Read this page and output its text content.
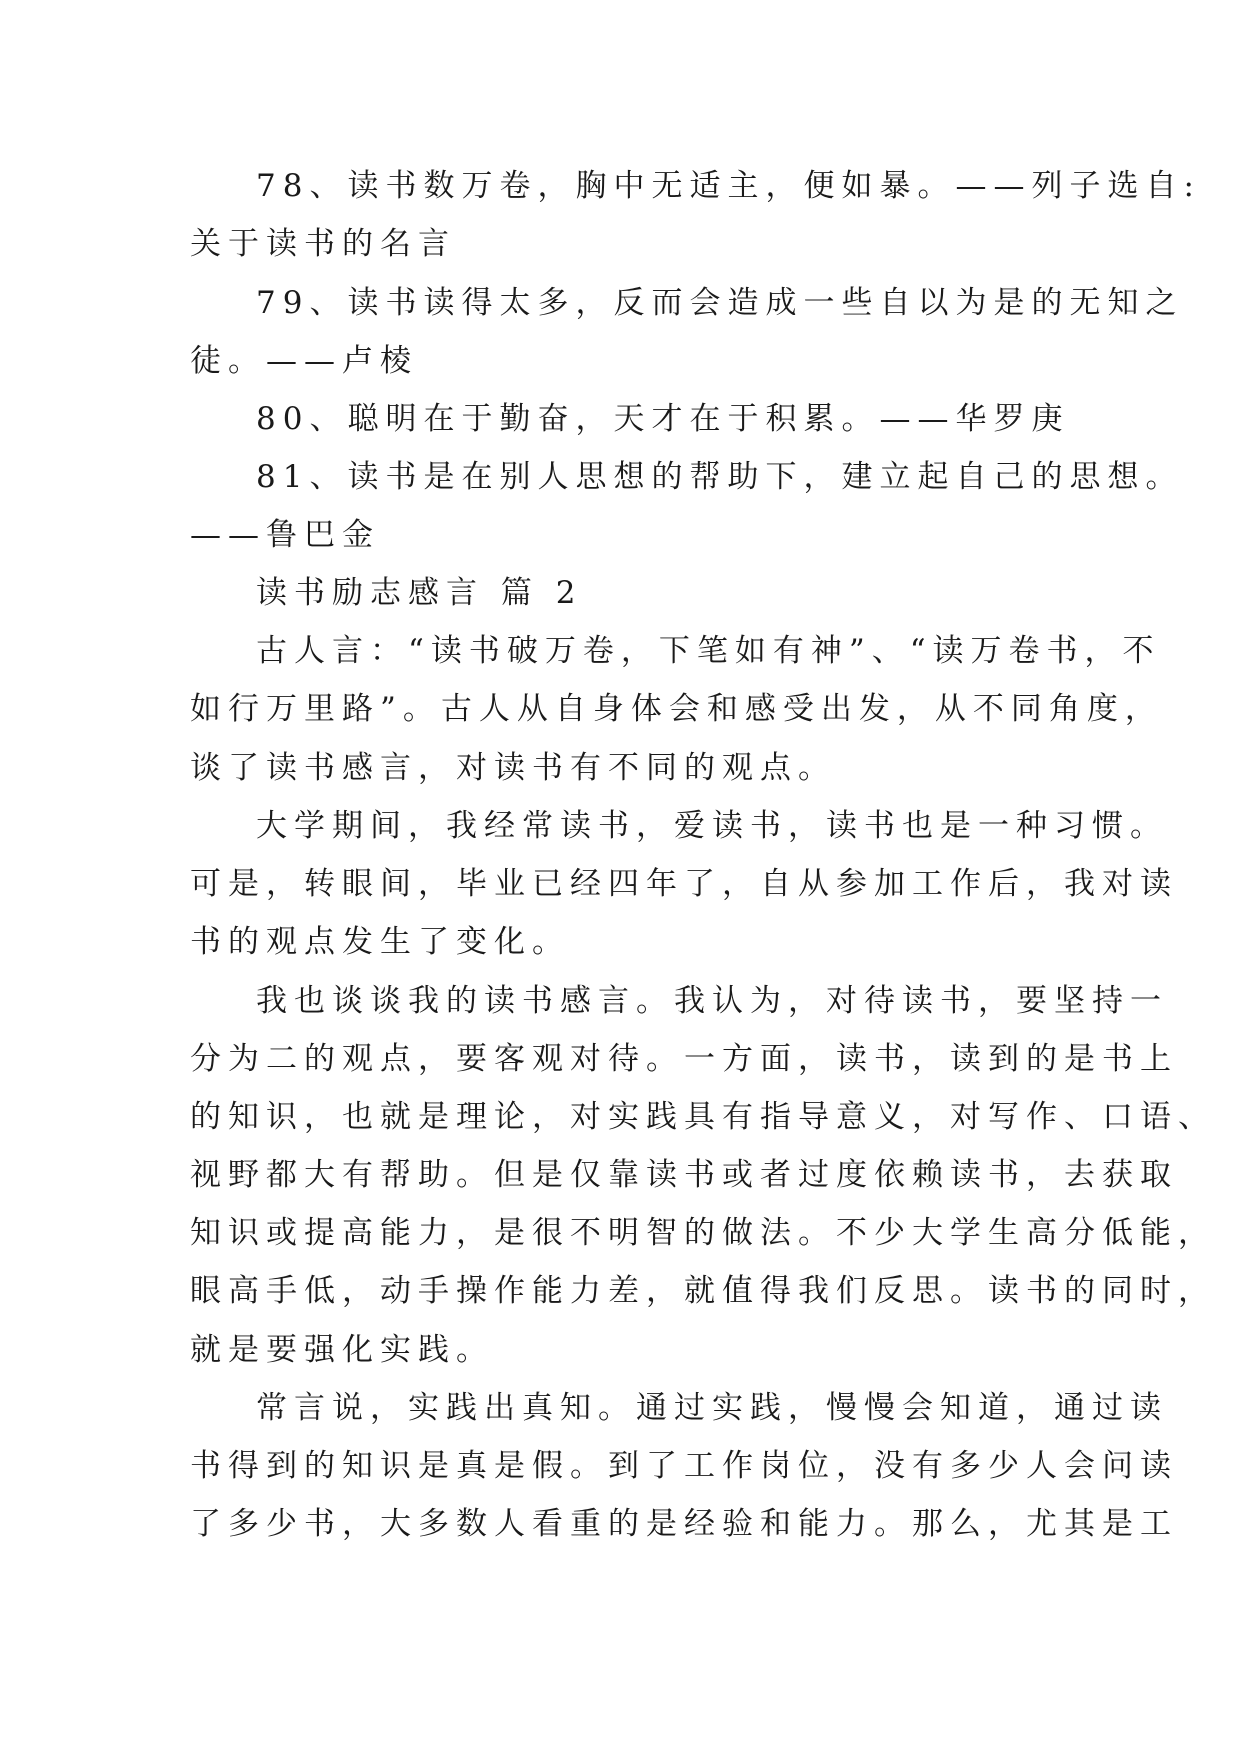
78、读书数万卷，胸中无适主，便如暴。——列子选自:
关于读书的名言
79、读书读得太多，反而会造成一些自以为是的无知之
徒。——卢棱
80、聪明在于勤奋，天才在于积累。——华罗庚
81、读书是在别人思想的帮助下，建立起自己的思想。
——鲁巴金
读书励志感言 篇 2
古人言：“读书破万卷，下笔如有神”、“读万卷书，不
如行万里路”。古人从自身体会和感受出发，从不同角度，
谈了读书感言，对读书有不同的观点。
大学期间，我经常读书，爱读书，读书也是一种习惯。
可是，转眼间，毕业已经四年了，自从参加工作后，我对读
书的观点发生了变化。
我也谈谈我的读书感言。我认为，对待读书，要坚持一
分为二的观点，要客观对待。一方面，读书，读到的是书上
的知识，也就是理论，对实践具有指导意义，对写作、口语、
视野都大有帮助。但是仅靠读书或者过度依赖读书，去获取
知识或提高能力，是很不明智的做法。不少大学生高分低能，
眼高手低，动手操作能力差，就值得我们反思。读书的同时，
就是要强化实践。
常言说，实践出真知。通过实践，慢慢会知道，通过读
书得到的知识是真是假。到了工作岗位，没有多少人会问读
了多少书，大多数人看重的是经验和能力。那么，尤其是工
